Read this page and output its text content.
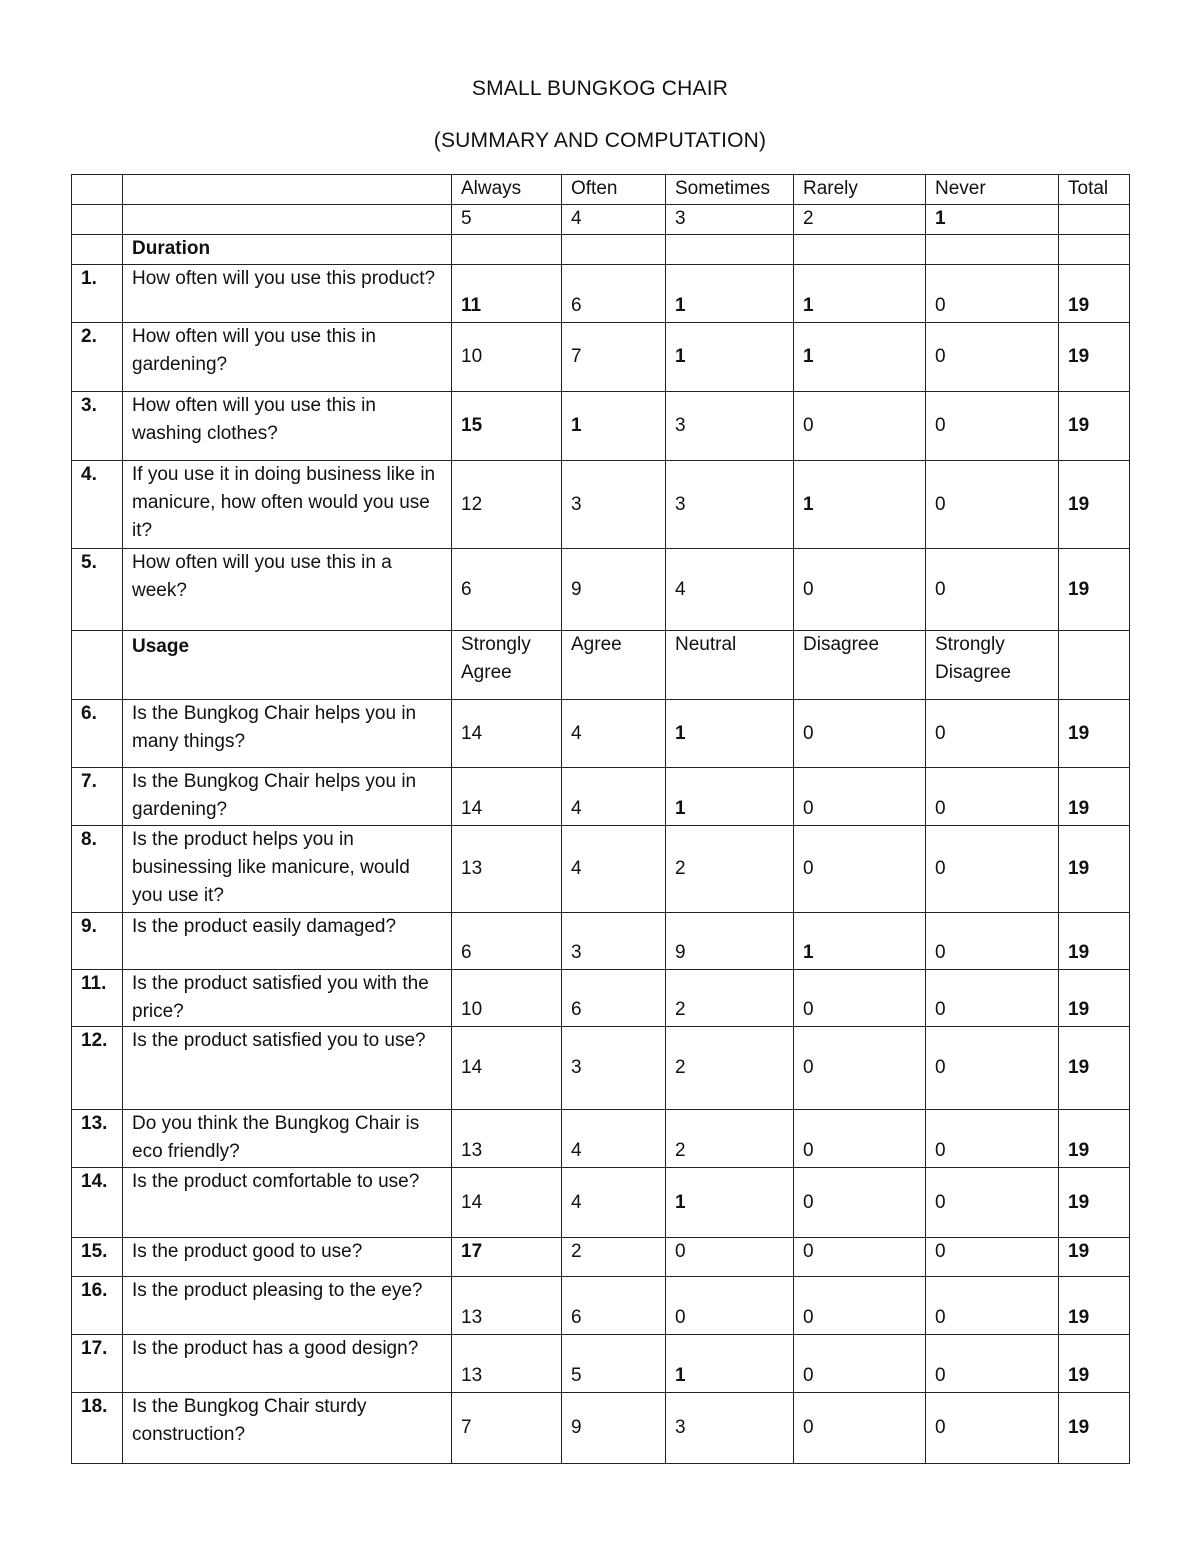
SMALL BUNGKOG CHAIR
(SUMMARY AND COMPUTATION)
		Always	Often	Sometimes	Rarely	Never	Total
		5	4	3	2	1	
	Duration						
1.	How often will you use this product?	11	6	1	1	0	19
2.	How often will you use this in gardening?	10	7	1	1	0	19
3.	How often will you use this in washing clothes?	15	1	3	0	0	19
4.	If you use it in doing business like in manicure, how often would you use it?	12	3	3	1	0	19
5.	How often will you use this in a week?	6	9	4	0	0	19
	Usage	Strongly Agree	Agree	Neutral	Disagree	Strongly Disagree	
6.	Is the Bungkog Chair helps you in many things?	14	4	1	0	0	19
7.	Is the Bungkog Chair helps you in gardening?	14	4	1	0	0	19
8.	Is the product helps you in businessing like manicure, would you use it?	13	4	2	0	0	19
9.	Is the product easily damaged?	6	3	9	1	0	19
11.	Is the product satisfied you with the price?	10	6	2	0	0	19
12.	Is the product satisfied you to use?	14	3	2	0	0	19
13.	Do you think the Bungkog Chair is eco friendly?	13	4	2	0	0	19
14.	Is the product comfortable to use?	14	4	1	0	0	19
15.	Is the product good to use?	17	2	0	0	0	19
16.	Is the product pleasing to the eye?	13	6	0	0	0	19
17.	Is the product has a good design?	13	5	1	0	0	19
18.	Is the Bungkog Chair sturdy construction?	7	9	3	0	0	19
